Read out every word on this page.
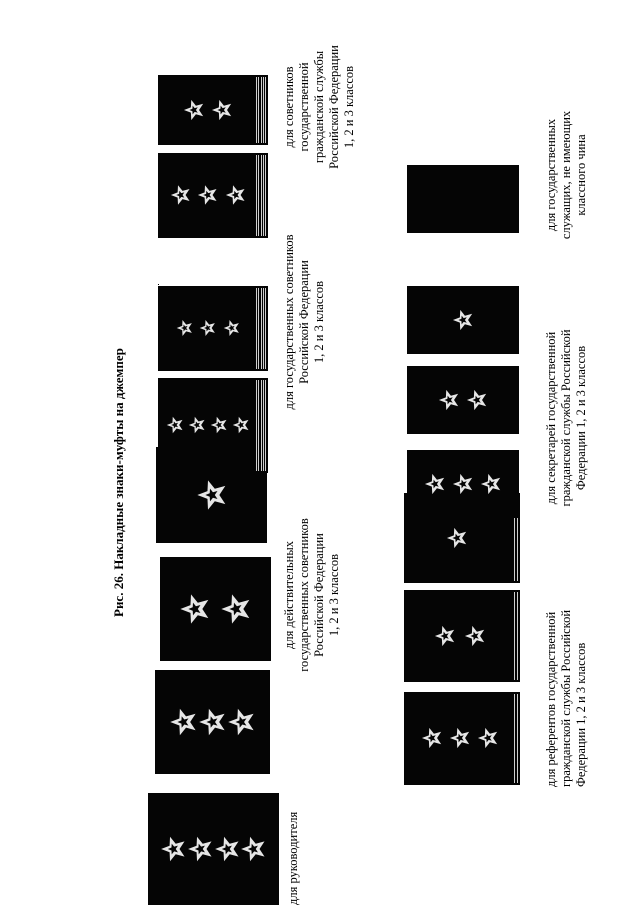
Рис. 26. Накладные знаки-муфты на джемпер
для руководителя
для действительных
государственных советников
Российской Федерации
1, 2 и 3 классов
для государственных советников
Российской Федерации
1, 2 и 3 классов
для советников
государственной
гражданской службы
Российской Федерации
1, 2 и 3 классов
для референтов государственной
гражданской службы Российской
Федерации 1, 2 и 3 классов
для секретарей государственной
гражданской службы Российской
Федерации 1, 2 и 3 классов
для государственных
служащих, не имеющих
классного чина
